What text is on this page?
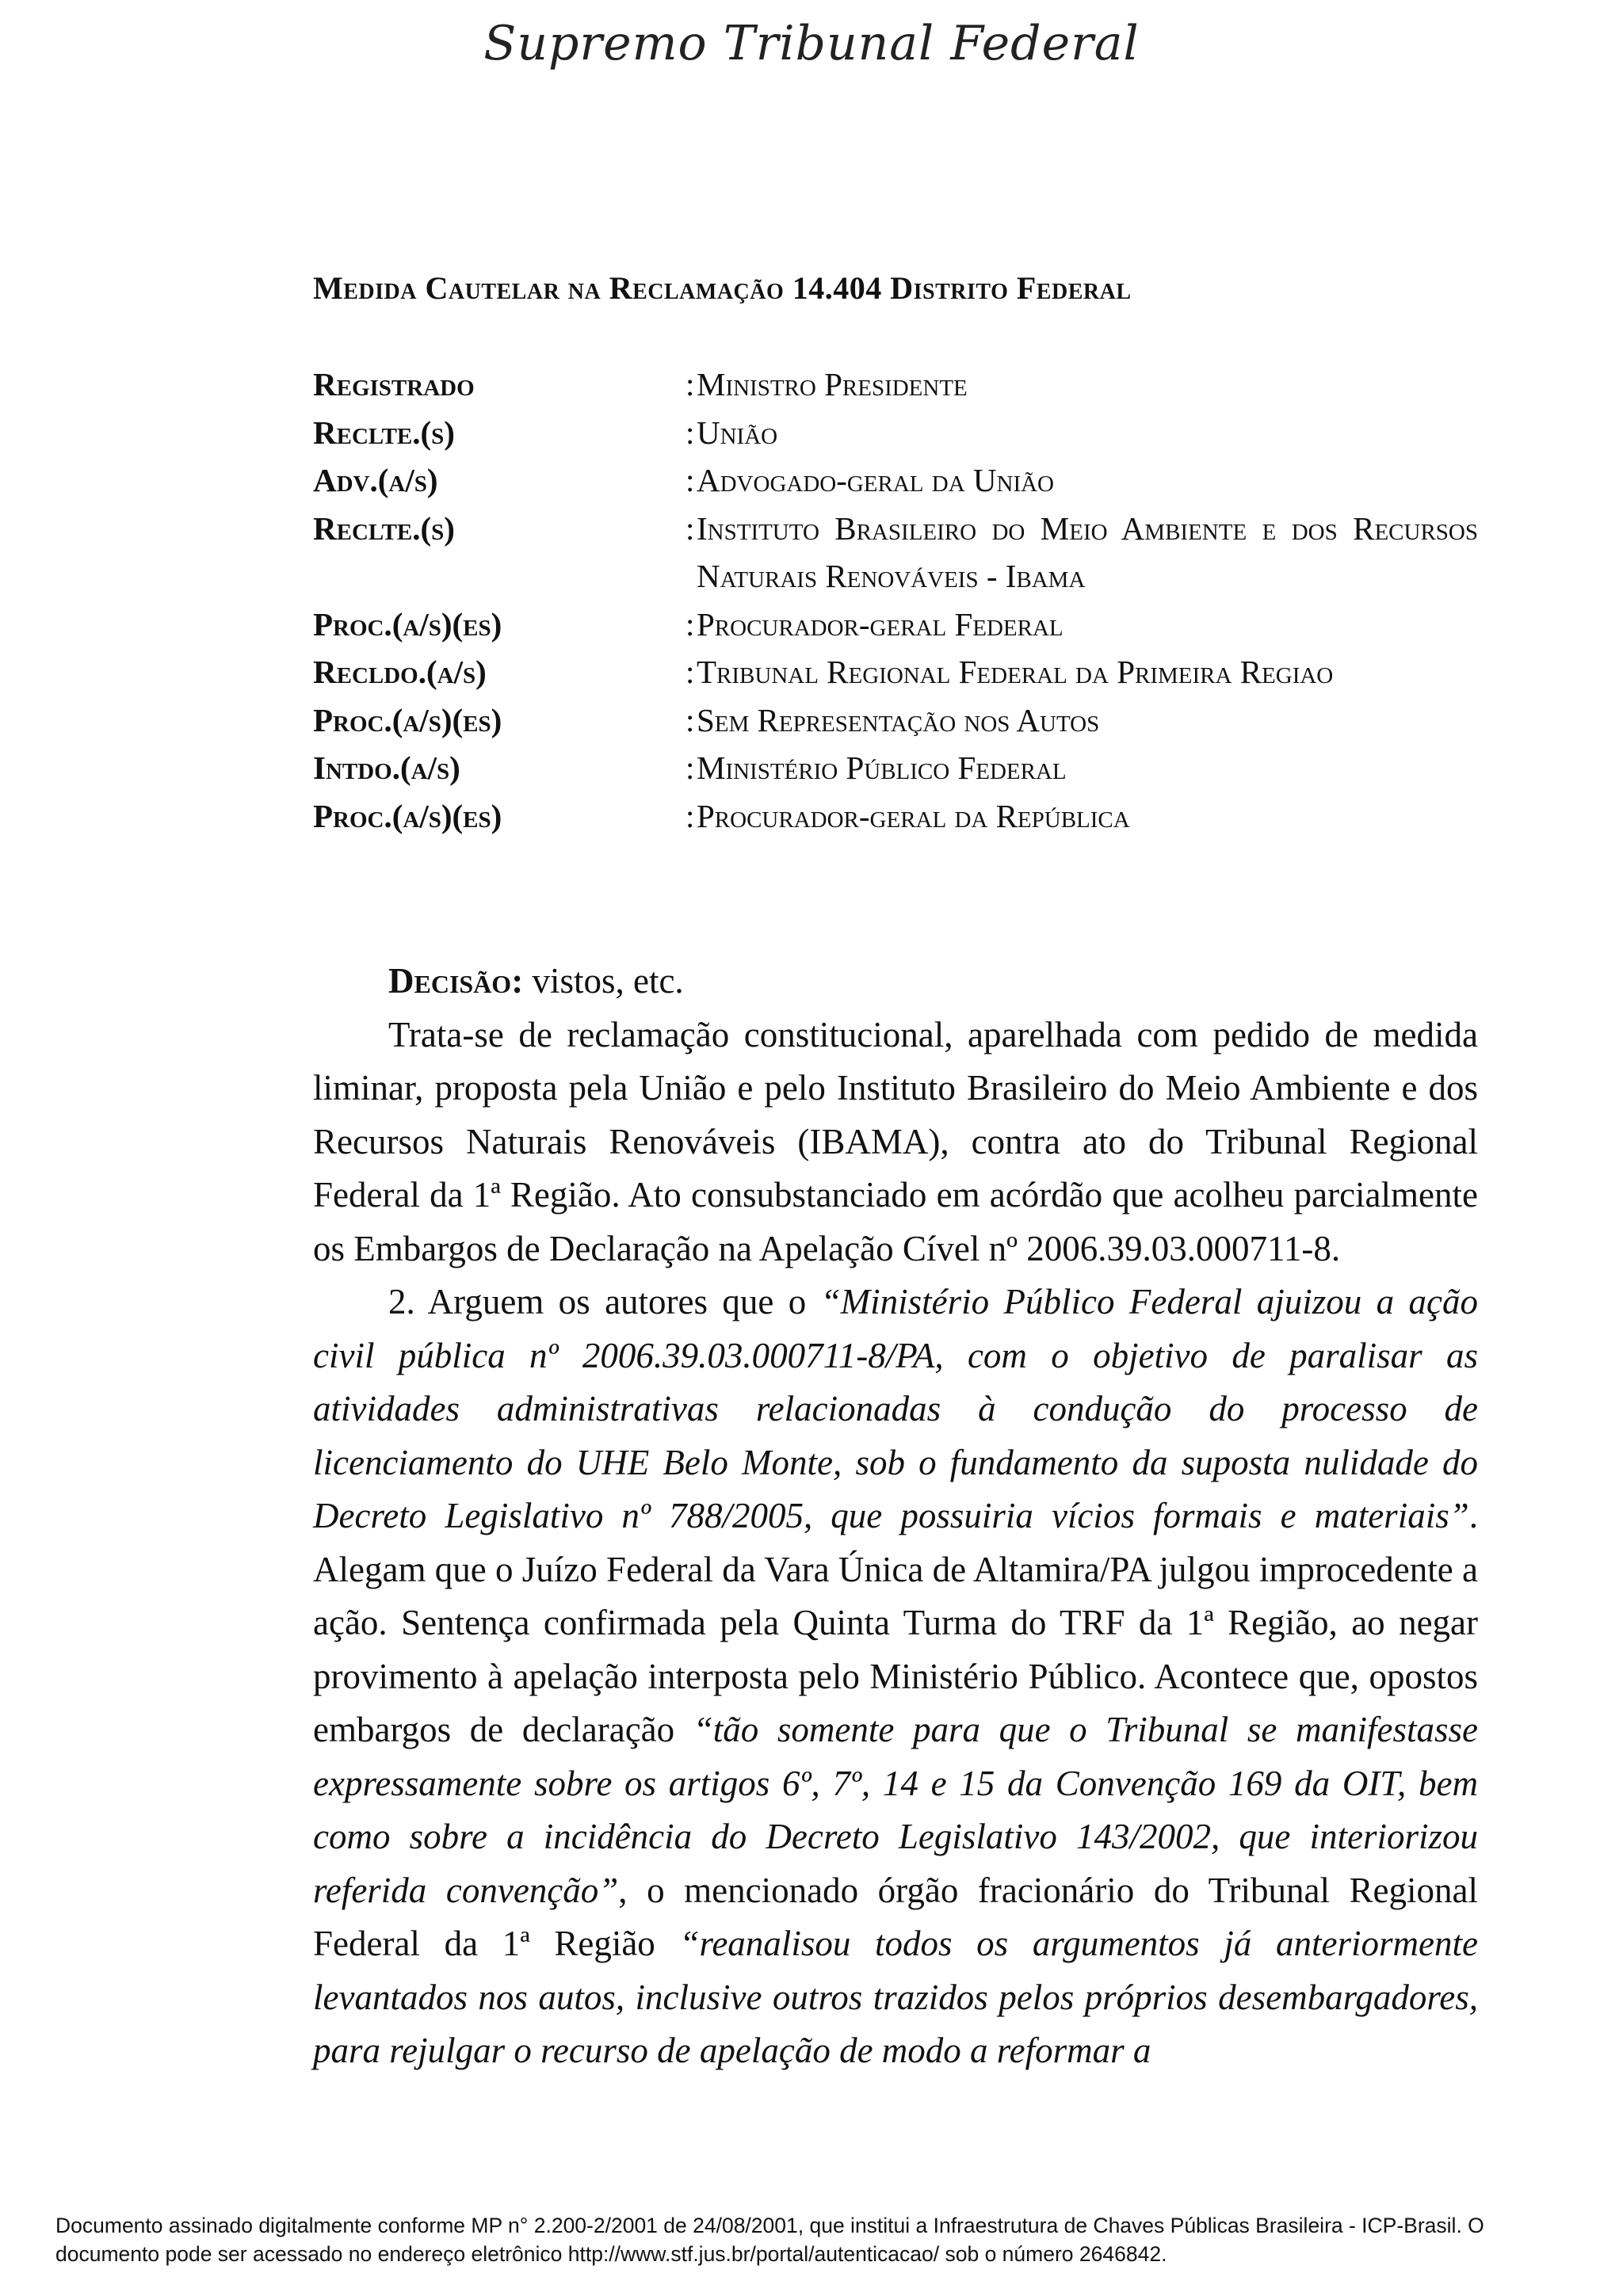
Supremo Tribunal Federal
Medida Cautelar na Reclamação 14.404 Distrito Federal
Registrado	: Ministro Presidente
Reclte.(s)	: União
Adv.(a/s)	: Advogado-geral da União
Reclte.(s)	: Instituto Brasileiro do Meio Ambiente e dos Recursos Naturais Renováveis - Ibama
Proc.(a/s)(es)	: Procurador-geral Federal
Recldo.(a/s)	: Tribunal Regional Federal da Primeira Regiao
Proc.(a/s)(es)	: Sem Representação nos Autos
Intdo.(a/s)	: Ministério Público Federal
Proc.(a/s)(es)	: Procurador-geral da República

Decisão: vistos, etc.

Trata-se de reclamação constitucional, aparelhada com pedido de medida liminar, proposta pela União e pelo Instituto Brasileiro do Meio Ambiente e dos Recursos Naturais Renováveis (IBAMA), contra ato do Tribunal Regional Federal da 1ª Região. Ato consubstanciado em acórdão que acolheu parcialmente os Embargos de Declaração na Apelação Cível nº 2006.39.03.000711-8.

2. Arguem os autores que o “Ministério Público Federal ajuizou a ação civil pública nº 2006.39.03.000711-8/PA, com o objetivo de paralisar as atividades administrativas relacionadas à condução do processo de licenciamento do UHE Belo Monte, sob o fundamento da suposta nulidade do Decreto Legislativo nº 788/2005, que possuiria vícios formais e materiais”. Alegam que o Juízo Federal da Vara Única de Altamira/PA julgou improcedente a ação. Sentença confirmada pela Quinta Turma do TRF da 1ª Região, ao negar provimento à apelação interposta pelo Ministério Público. Acontece que, opostos embargos de declaração “tão somente para que o Tribunal se manifestasse expressamente sobre os artigos 6º, 7º, 14 e 15 da Convenção 169 da OIT, bem como sobre a incidência do Decreto Legislativo 143/2002, que interiorizou referida convenção”, o mencionado órgão fracionário do Tribunal Regional Federal da 1ª Região “reanalisou todos os argumentos já anteriormente levantados nos autos, inclusive outros trazidos pelos próprios desembargadores, para rejulgar o recurso de apelação de modo a reformar a

Documento assinado digitalmente conforme MP n° 2.200-2/2001 de 24/08/2001, que institui a Infraestrutura de Chaves Públicas Brasileira - ICP-Brasil. O
documento pode ser acessado no endereço eletrônico http://www.stf.jus.br/portal/autenticacao/ sob o número 2646842.
